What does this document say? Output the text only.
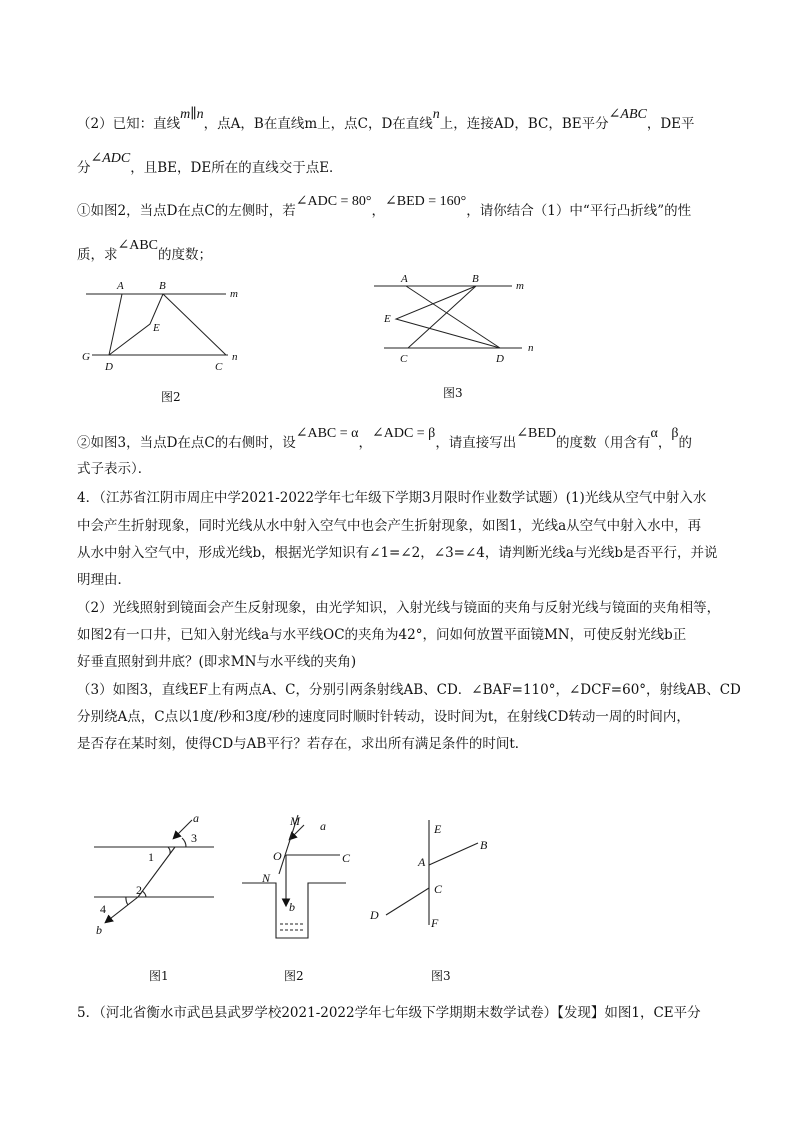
（2）已知：直线m∥n，点A，B在直线m上，点C，D在直线n上，连接AD，BC，BE平分∠ABC，DE平
分∠ADC，且BE，DE所在的直线交于点E．
①如图2，当点D在点C的左侧时，若∠ADC = 80°，∠BED = 160°，请你结合（1）中“平行凸折线”的性
质，求∠ABC的度数；
A	B
m
E
G
D	C
n
图2
A	B
m
E
C	D
n
图3
②如图3，当点D在点C的右侧时，设∠ABC = α，∠ADC = β，请直接写出∠BED的度数（用含有α，β的
式子表示）．
4．（江苏省江阴市周庄中学2021-2022学年七年级下学期3月限时作业数学试题）(1)光线从空气中射入水
中会产生折射现象，同时光线从水中射入空气中也会产生折射现象，如图1，光线a从空气中射入水中，再
从水中射入空气中，形成光线b，根据光学知识有∠1=∠2，∠3=∠4，请判断光线a与光线b是否平行，并说
明理由．
（2）光线照射到镜面会产生反射现象，由光学知识，入射光线与镜面的夹角与反射光线与镜面的夹角相等，
如图2有一口井，已知入射光线a与水平线OC的夹角为42°，问如何放置平面镜MN，可使反射光线b正
好垂直照射到井底？(即求MN与水平线的夹角)
（3）如图3，直线EF上有两点A、C，分别引两条射线AB、CD．∠BAF=110°，∠DCF=60°，射线AB、CD
分别绕A点，C点以1度/秒和3度/秒的速度同时顺时针转动，设时间为t，在射线CD转动一周的时间内，
是否存在某时刻，使得CD与AB平行？若存在，求出所有满足条件的时间t．
a
3
1
2
4
b
图1
M a
O	C
N
b
图2
E
B
A
C
D
F
图3
5．（河北省衡水市武邑县武罗学校2021-2022学年七年级下学期期末数学试卷）【发现】如图1，CE平分
